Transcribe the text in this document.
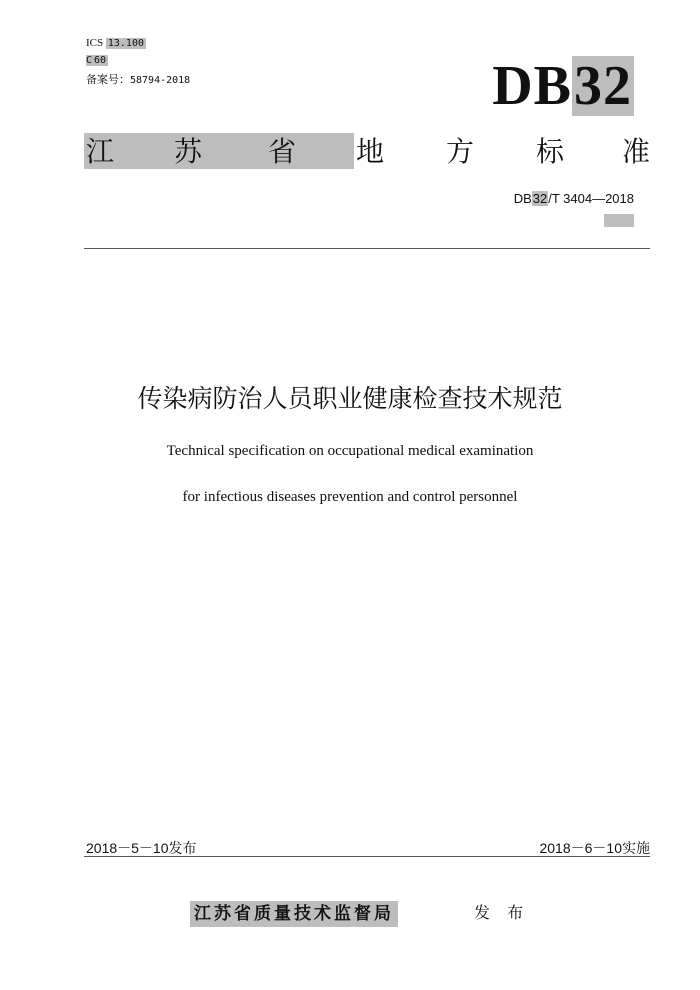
ICS 13.100
C 60
备案号：58794-2018	DB32
江 苏 省 地 方 标 准
DB32/T 3404—2018
传染病防治人员职业健康检查技术规范
Technical specification on occupational medical examination
for infectious diseases prevention and control personnel
2018－5－10发布	2018－6－10实施
江苏省质量技术监督局	发 布
